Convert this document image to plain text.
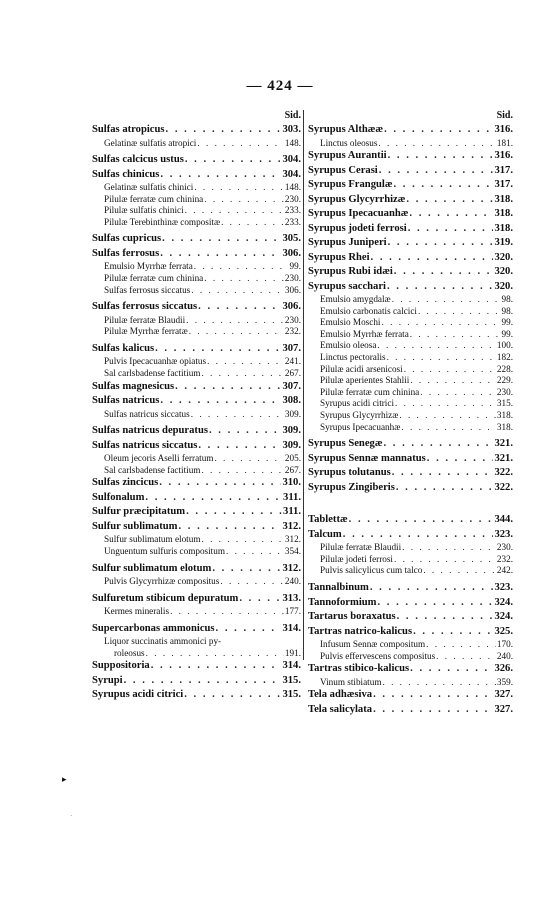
— 424 —
Sid.
Sulfas atropicus . . .	303.
Gelatinæ sulfatis atropici . . .	148.
Sulfas calcicus ustus . . .	304.
Sulfas chinicus . . .	304.
Gelatinæ sulfatis chinici . . .	148.
Pilulæ ferratæ cum chinina . . .	230.
Pilulæ sulfatis chinici . . .	233.
Pilulæ Terebinthinæ compositæ . . .	233.
Sulfas cupricus . . .	305.
Sulfas ferrosus . . .	306.
Emulsio Myrrhæ ferrata . . .	99.
Pilulæ ferratæ cum chinina . . .	230.
Sulfas ferrosus siccatus . . .	306.
Sulfas ferrosus siccatus . . .	306.
Pilulæ ferratæ Blaudii . . .	230.
Pilulæ Myrrhæ ferratæ . . .	232.
Sulfas kalicus . . .	307.
Pulvis Ipecacuanhæ opiatus . . .	241.
Sal carlsbadense factitium . . .	267.
Sulfas magnesicus . . .	307.
Sulfas natricus . . .	308.
Sulfas natricus siccatus . . .	309.
Sulfas natricus depuratus . . .	309.
Sulfas natricus siccatus . . .	309.
Oleum jecoris Aselli ferratum . . .	205.
Sal carlsbadense factitium . . .	267.
Sulfas zincicus . . .	310.
Sulfonalum . . .	311.
Sulfur præcipitatum . . .	311.
Sulfur sublimatum . . .	312.
Sulfur sublimatum elotum . . .	312.
Unguentum sulfuris compositum . . .	354.
Sulfur sublimatum elotum . . .	312.
Pulvis Glycyrrhizæ compositus . . .	240.
Sulfuretum stibicum depuratum . . .	313.
Kermes mineralis . . .	177.
Supercarbonas ammonicus . . .	314.
Liquor succinatis ammonici py-
roleosus . . .	191.
Suppositoria . . .	314.
Syrupi . . .	315.
Syrupus acidi citrici . . .	315.
Sid.
Syrupus Althææ . . .	316.
Linctus oleosus . . .	181.
Syrupus Aurantii . . .	316.
Syrupus Cerasi . . .	317.
Syrupus Frangulæ . . .	317.
Syrupus Glycyrrhizæ . . .	318.
Syrupus Ipecacuanhæ . . .	318.
Syrupus jodeti ferrosi . . .	318.
Syrupus Juniperi . . .	319.
Syrupus Rhei . . .	320.
Syrupus Rubi idæi . . .	320.
Syrupus sacchari . . .	320.
Emulsio amygdalæ . . .	98.
Emulsio carbonatis calcici . . .	98.
Emulsio Moschi . . .	99.
Emulsio Myrrhæ ferrata . . .	99.
Emulsio oleosa . . .	100.
Linctus pectoralis . . .	182.
Pilulæ acidi arsenicosi . . .	228.
Pilulæ aperientes Stahlii . . .	229.
Pilulæ ferratæ cum chinina . . .	230.
Syrupus acidi citrici . . .	315.
Syrupus Glycyrrhizæ . . .	318.
Syrupus Ipecacuanhæ . . .	318.
Syrupus Senegæ . . .	321.
Syrupus Sennæ mannatus . . .	321.
Syrupus tolutanus . . .	322.
Syrupus Zingiberis . . .	322.
Tablettæ . . .	344.
Talcum . . .	323.
Pilulæ ferratæ Blaudii . . .	230.
Pilulæ jodeti ferrosi . . .	232.
Pulvis salicylicus cum talco . . .	242.
Tannalbinum . . .	323.
Tannoformium . . .	324.
Tartarus boraxatus . . .	324.
Tartras natrico-kalicus . . .	325.
Infusum Sennæ compositum . . .	170.
Pulvis effervescens compositus . . .	240.
Tartras stibico-kalicus . . .	326.
Vinum stibiatum . . .	359.
Tela adhæsiva . . .	327.
Tela salicylata . . .	327.
▸
·
